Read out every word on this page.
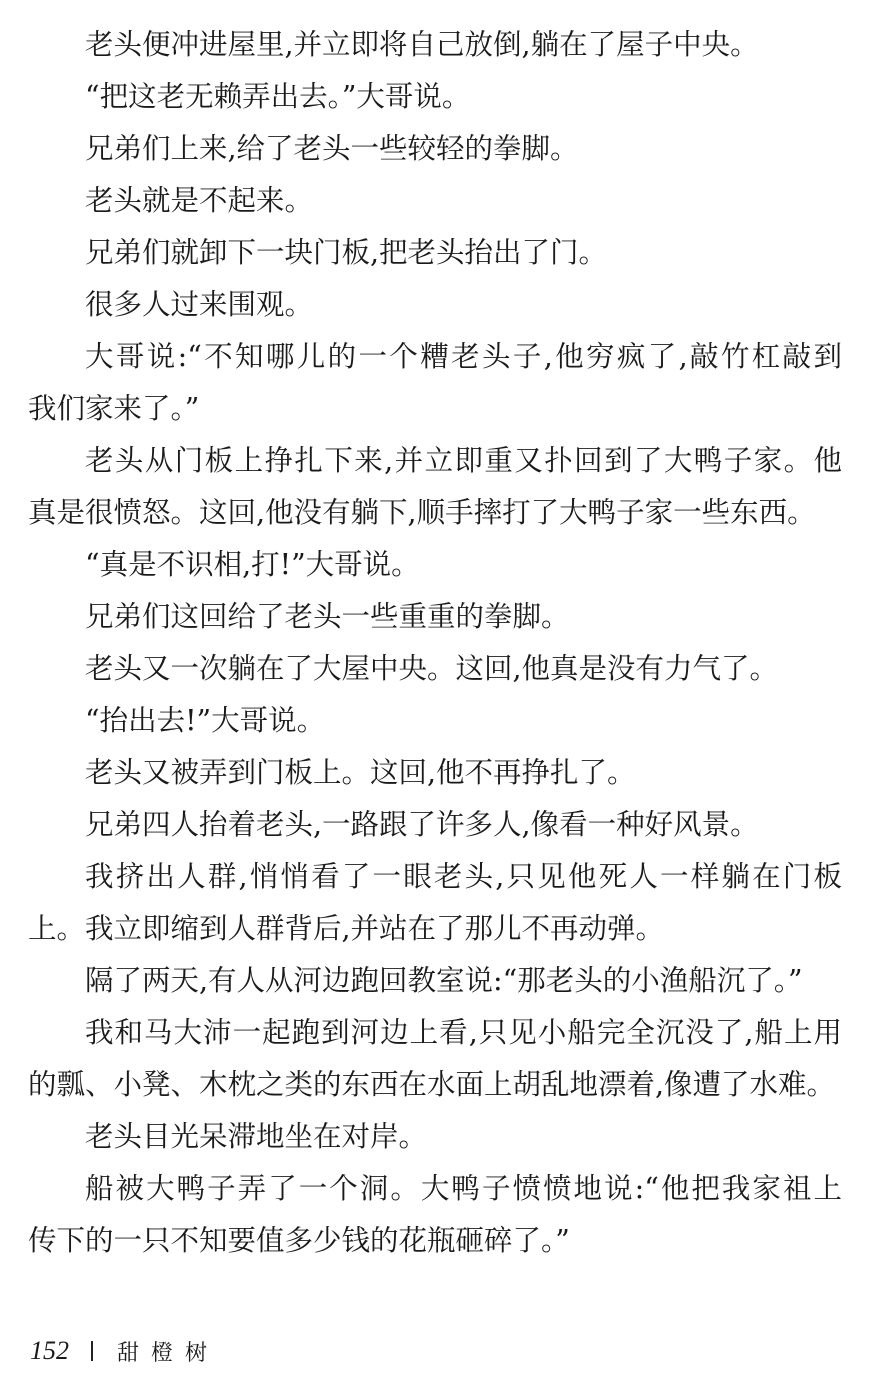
老头便冲进屋里,并立即将自己放倒,躺在了屋子中央。
“把这老无赖弄出去。”大哥说。
兄弟们上来,给了老头一些较轻的拳脚。
老头就是不起来。
兄弟们就卸下一块门板,把老头抬出了门。
很多人过来围观。
大哥说:“不知哪儿的一个糟老头子,他穷疯了,敲竹杠敲到
我们家来了。”
老头从门板上挣扎下来,并立即重又扑回到了大鸭子家。他
真是很愤怒。这回,他没有躺下,顺手摔打了大鸭子家一些东西。
“真是不识相,打!”大哥说。
兄弟们这回给了老头一些重重的拳脚。
老头又一次躺在了大屋中央。这回,他真是没有力气了。
“抬出去!”大哥说。
老头又被弄到门板上。这回,他不再挣扎了。
兄弟四人抬着老头,一路跟了许多人,像看一种好风景。
我挤出人群,悄悄看了一眼老头,只见他死人一样躺在门板
上。我立即缩到人群背后,并站在了那儿不再动弹。
隔了两天,有人从河边跑回教室说:“那老头的小渔船沉了。”
我和马大沛一起跑到河边上看,只见小船完全沉没了,船上用
的瓢、小凳、木枕之类的东西在水面上胡乱地漂着,像遭了水难。
老头目光呆滞地坐在对岸。
船被大鸭子弄了一个洞。大鸭子愤愤地说:“他把我家祖上
传下的一只不知要值多少钱的花瓶砸碎了。”
152 甜橙树
